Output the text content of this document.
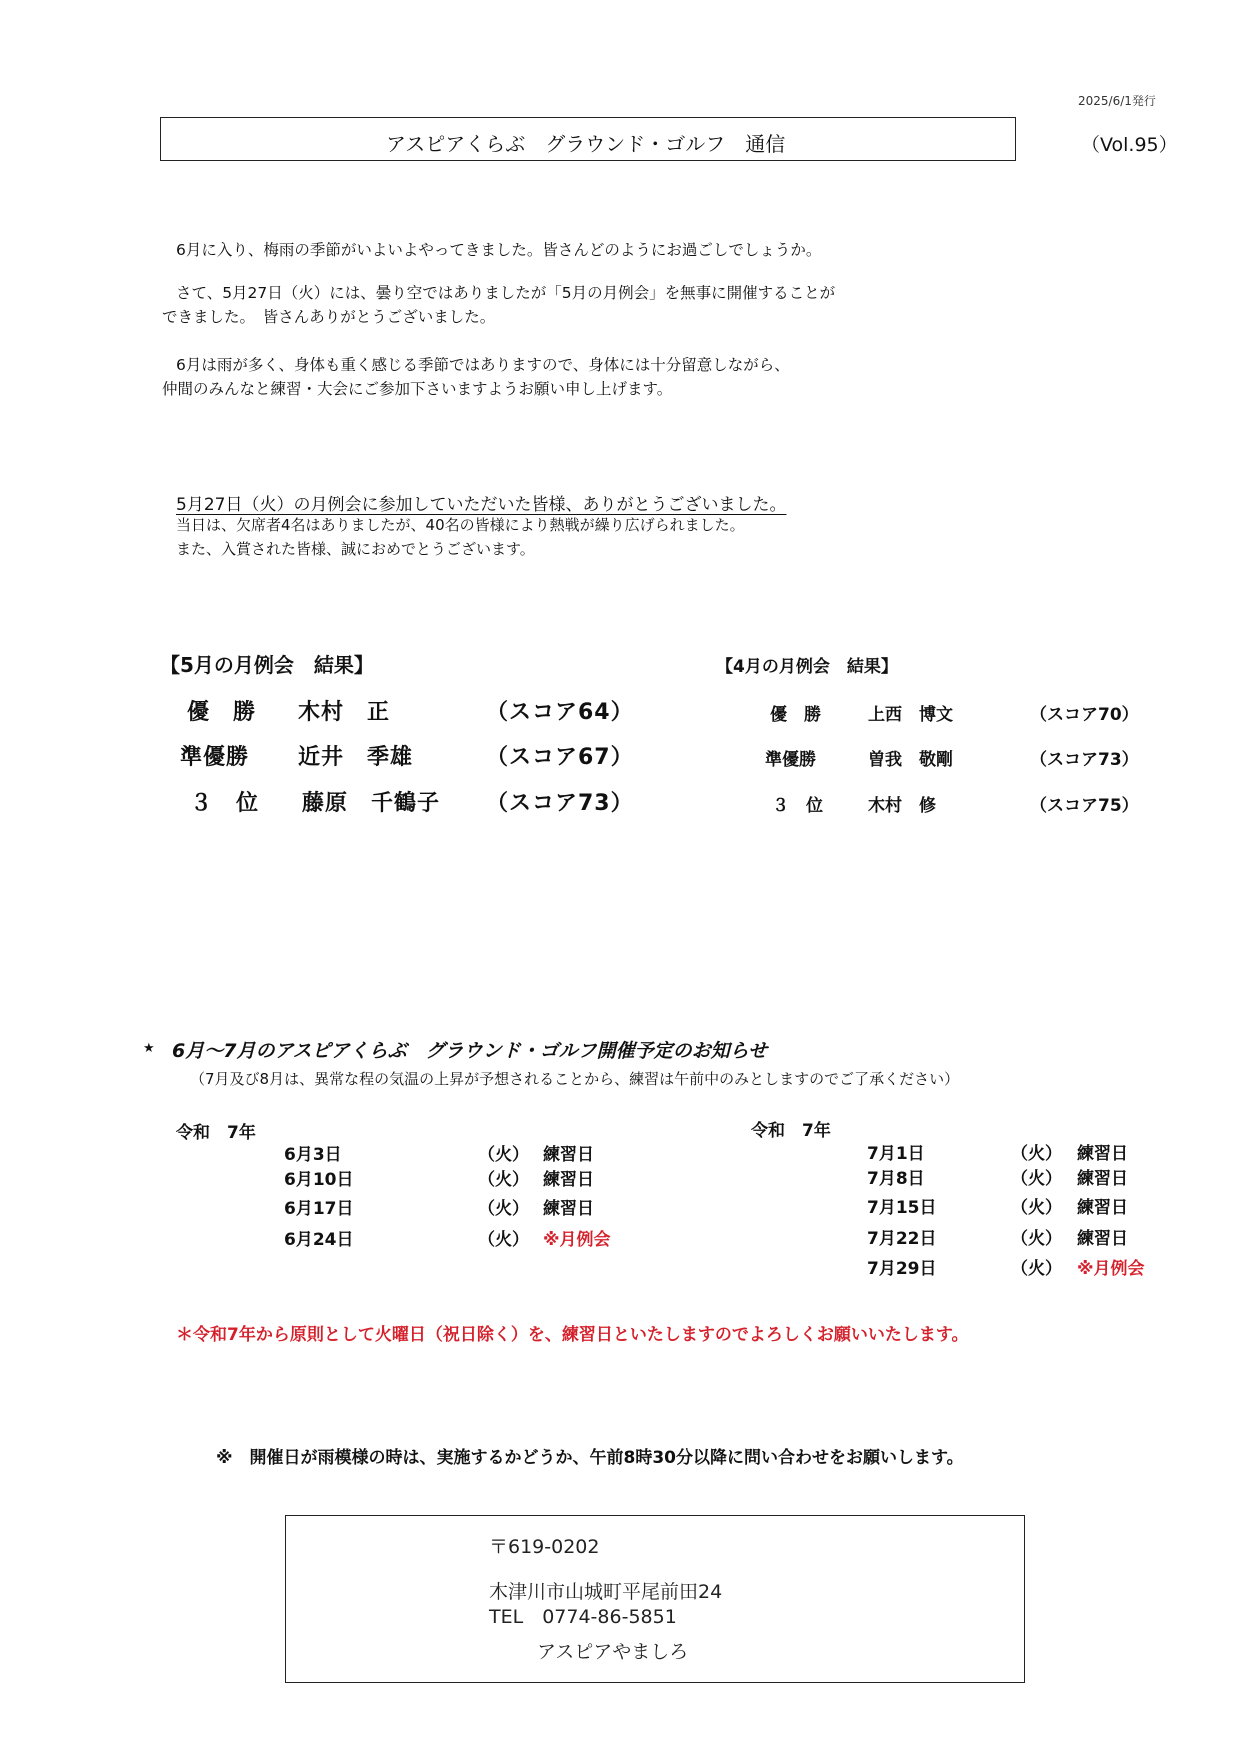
2025/6/1発行
アスピアくらぶ　グラウンド・ゴルフ　通信	（Vol.95）
6月に入り、梅雨の季節がいよいよやってきました。皆さんどのようにお過ごしでしょうか。
さて、5月27日（火）には、曇り空ではありましたが「5月の月例会」を無事に開催することが
できました。　皆さんありがとうございました。
6月は雨が多く、身体も重く感じる季節ではありますので、身体には十分留意しながら、
仲間のみんなと練習・大会にご参加下さいますようお願い申し上げます。
5月27日（火）の月例会に参加していただいた皆様、ありがとうございました。
当日は、欠席者4名はありましたが、40名の皆様により熱戦が繰り広げられました。
また、入賞された皆様、誠におめでとうございます。
【5月の月例会　結果】
優　勝 木村　正	（スコア64）
準優勝 近井　季雄	（スコア67）
３　位 藤原　千鶴子 （スコア73）
【4月の月例会　結果】
優　勝	上西　博文	（スコア70）
準優勝	曽我　敬剛	（スコア73）
３　位	木村　修	（スコア75）
★ 6月～7月のアスピアくらぶ　グラウンド・ゴルフ開催予定のお知らせ
（7月及び8月は、異常な程の気温の上昇が予想されることから、練習は午前中のみとしますのでご了承ください）
令和　7年
6月3日	（火） 練習日
6月10日	（火） 練習日
6月17日	（火） 練習日
6月24日	（火） ※月例会
令和　7年
7月1日	（火） 練習日
7月8日	（火） 練習日
7月15日	（火） 練習日
7月22日	（火） 練習日
7月29日	（火） ※月例会
＊令和7年から原則として火曜日（祝日除く）を、練習日といたしますのでよろしくお願いいたします。
※　開催日が雨模様の時は、実施するかどうか、午前8時30分以降に問い合わせをお願いします。
〒619-0202
木津川市山城町平尾前田24
TEL　0774-86-5851
アスピアやましろ
